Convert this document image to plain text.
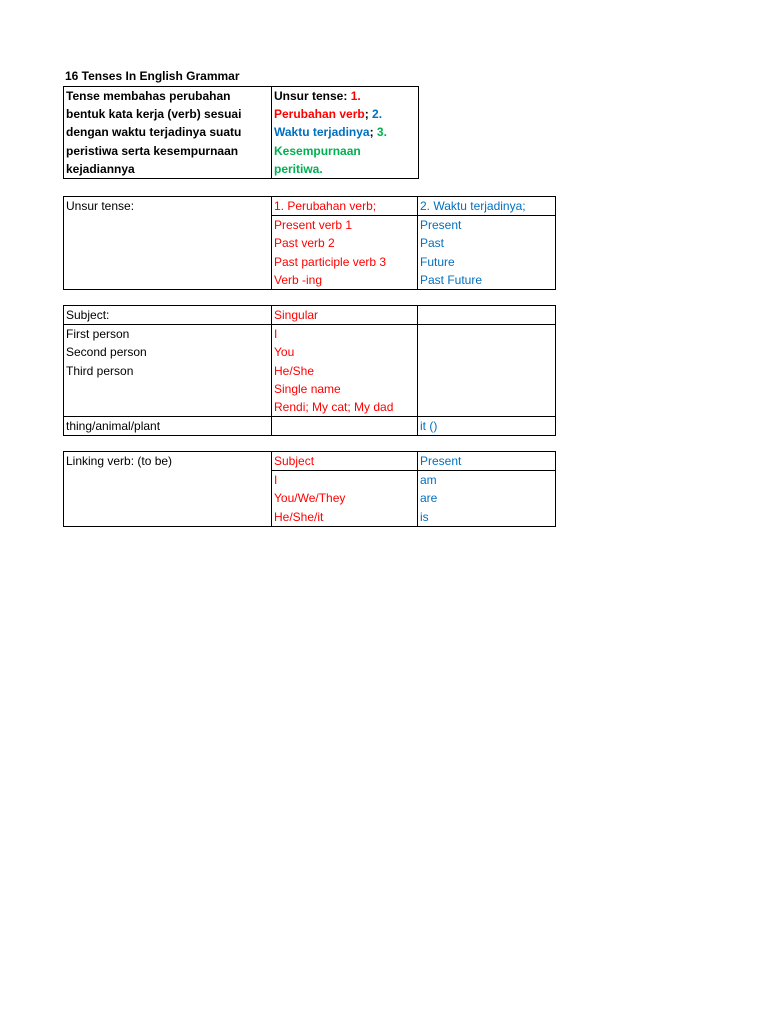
16 Tenses In English Grammar
Tense membahas perubahan
bentuk kata kerja (verb) sesuai
dengan waktu terjadinya suatu
peristiwa serta kesempurnaan
kejadiannya

Unsur tense: 1.
Perubahan verb; 2.
Waktu terjadinya; 3.
Kesempurnaan
peritiwa.
Unsur tense:	1. Perubahan verb;	2. Waktu terjadinya;
	Present verb 1	Present
	Past verb 2	Past
	Past participle verb 3	Future
	Verb -ing	Past Future
Subject:	Singular	
First person	I	
Second person	You	
Third person	He/She	
	Single name	
	Rendi; My cat; My dad	
thing/animal/plant		it ()
Linking verb: (to be)	Subject	Present
	I	am
	You/We/They	are
	He/She/it	is
